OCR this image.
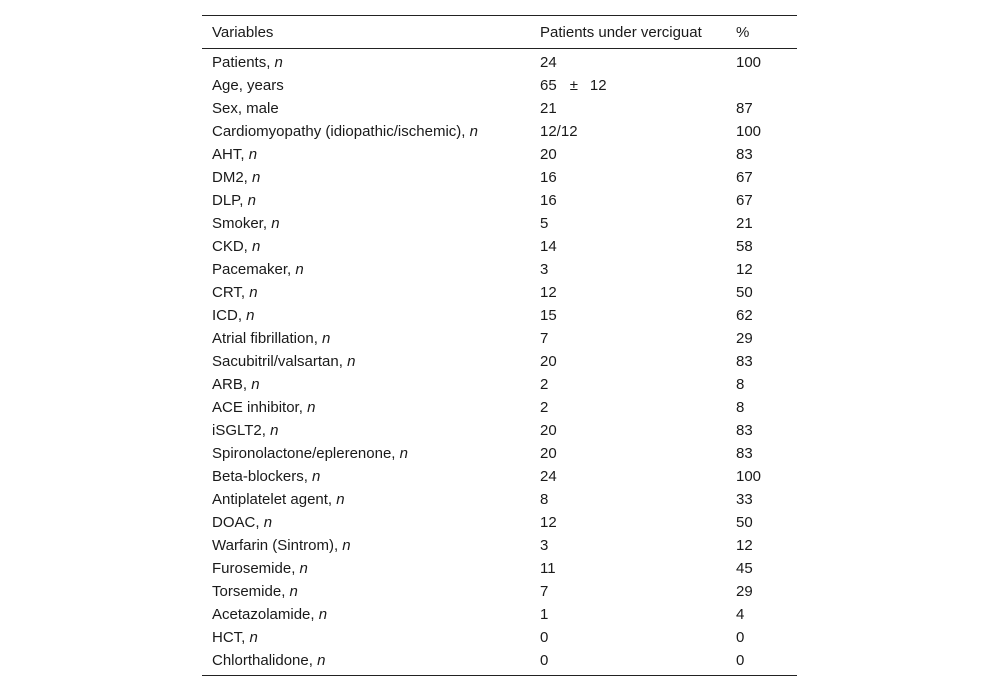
Variables	Patients under verciguat	%
Patients, n	24	100
Age, years	65 ± 12	
Sex, male	21	87
Cardiomyopathy (idiopathic/ischemic), n	12/12	100
AHT, n	20	83
DM2, n	16	67
DLP, n	16	67
Smoker, n	5	21
CKD, n	14	58
Pacemaker, n	3	12
CRT, n	12	50
ICD, n	15	62
Atrial fibrillation, n	7	29
Sacubitril/valsartan, n	20	83
ARB, n	2	8
ACE inhibitor, n	2	8
iSGLT2, n	20	83
Spironolactone/eplerenone, n	20	83
Beta-blockers, n	24	100
Antiplatelet agent, n	8	33
DOAC, n	12	50
Warfarin (Sintrom), n	3	12
Furosemide, n	11	45
Torsemide, n	7	29
Acetazolamide, n	1	4
HCT, n	0	0
Chlorthalidone, n	0	0
